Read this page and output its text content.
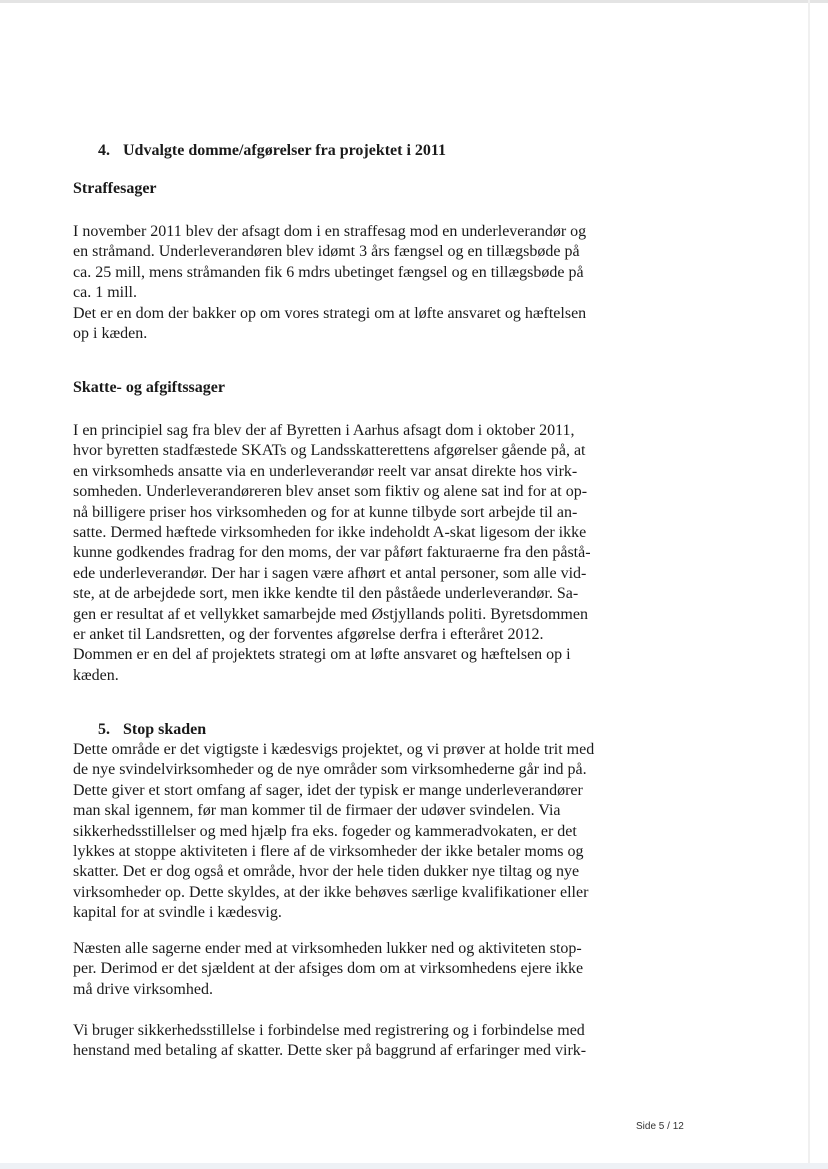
4. Udvalgte domme/afgørelser fra projektet i 2011
Straffesager

I november 2011 blev der afsagt dom i en straffesag mod en underleverandør og

en stråmand. Underleverandøren blev idømt 3 års fængsel og en tillægsbøde på

ca. 25 mill, mens stråmanden fik 6 mdrs ubetinget fængsel og en tillægsbøde på

ca. 1 mill.

Det er en dom der bakker op om vores strategi om at løfte ansvaret og hæftelsen

op i kæden.

Skatte- og afgiftssager

I en principiel sag fra blev der af Byretten i Aarhus afsagt dom i oktober 2011,

hvor byretten stadfæstede SKATs og Landsskatterettens afgørelser gående på, at

en virksomheds ansatte via en underleverandør reelt var ansat direkte hos virk-

somheden. Underleverandøreren blev anset som fiktiv og alene sat ind for at op-

nå billigere priser hos virksomheden og for at kunne tilbyde sort arbejde til an-

satte. Dermed hæftede virksomheden for ikke indeholdt A-skat ligesom der ikke

kunne godkendes fradrag for den moms, der var påført fakturaerne fra den påstå-

ede underleverandør. Der har i sagen være afhørt et antal personer, som alle vid-

ste, at de arbejdede sort, men ikke kendte til den påståede underleverandør. Sa-

gen er resultat af et vellykket samarbejde med Østjyllands politi. Byretsdommen

er anket til Landsretten, og der forventes afgørelse derfra i efteråret 2012.

Dommen er en del af projektets strategi om at løfte ansvaret og hæftelsen op i

kæden.

5. Stop skaden

Dette område er det vigtigste i kædesvigs projektet, og vi prøver at holde trit med

de nye svindelvirksomheder og de nye områder som virksomhederne går ind på.

Dette giver et stort omfang af sager, idet der typisk er mange underleverandører

man skal igennem, før man kommer til de firmaer der udøver svindelen. Via

sikkerhedsstillelser og med hjælp fra eks. fogeder og kammeradvokaten, er det

lykkes at stoppe aktiviteten i flere af de virksomheder der ikke betaler moms og

skatter. Det er dog også et område, hvor der hele tiden dukker nye tiltag og nye

virksomheder op. Dette skyldes, at der ikke behøves særlige kvalifikationer eller

kapital for at svindle i kædesvig.

Næsten alle sagerne ender med at virksomheden lukker ned og aktiviteten stop-

per. Derimod er det sjældent at der afsiges dom om at virksomhedens ejere ikke

må drive virksomhed.

Vi bruger sikkerhedsstillelse i forbindelse med registrering og i forbindelse med

henstand med betaling af skatter. Dette sker på baggrund af erfaringer med virk-

Side 5 / 12
